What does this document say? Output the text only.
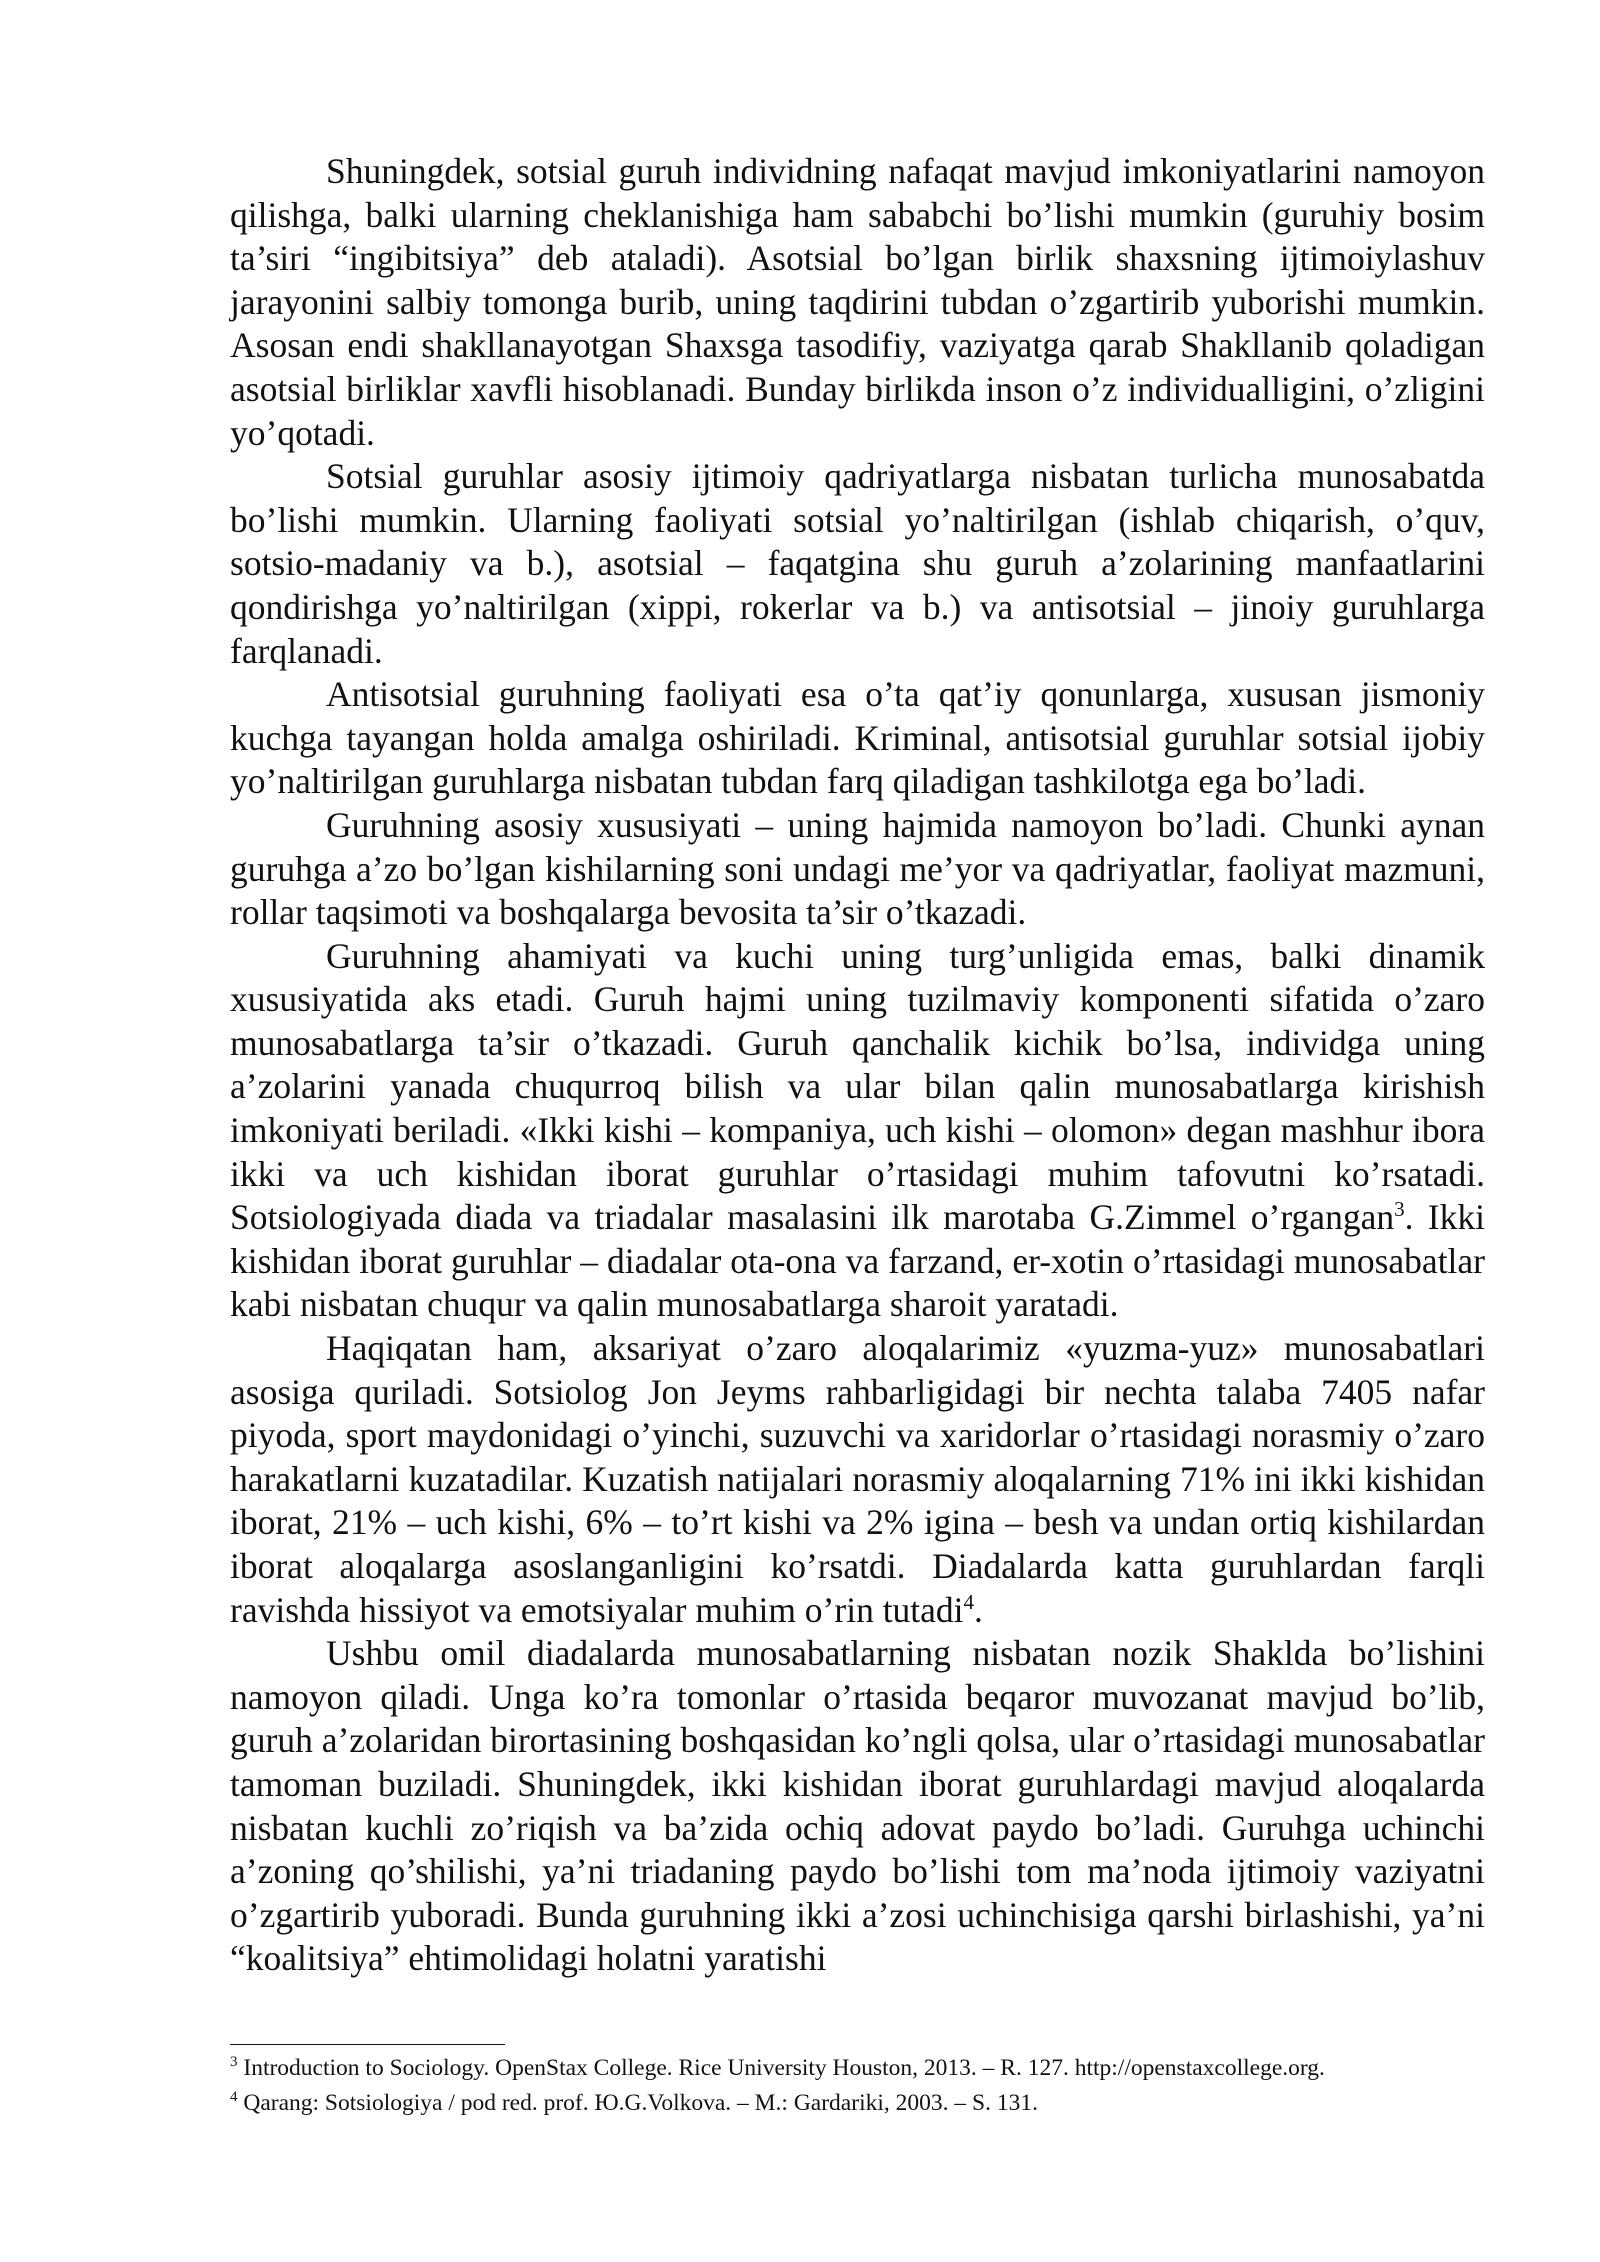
Shuningdek, sotsial guruh individning nafaqat mavjud imkoniyatlarini namoyon qilishga, balki ularning cheklanishiga ham sababchi bo’lishi mumkin (guruhiy bosim ta’siri “ingibitsiya” deb ataladi). Asotsial bo’lgan birlik shaxsning ijtimoiylashuv jarayonini salbiy tomonga burib, uning taqdirini tubdan o’zgartirib yuborishi mumkin. Asosan endi shakllanayotgan Shaxsga tasodifiy, vaziyatga qarab Shakllanib qoladigan asotsial birliklar xavfli hisoblanadi. Bunday birlikda inson o’z individualligini, o’zligini yo’qotadi.

Sotsial guruhlar asosiy ijtimoiy qadriyatlarga nisbatan turlicha munosabatda bo’lishi mumkin. Ularning faoliyati sotsial yo’naltirilgan (ishlab chiqarish, o’quv, sotsio-madaniy va b.), asotsial – faqatgina shu guruh a’zolarining manfaatlarini qondirishga yo’naltirilgan (xippi, rokerlar va b.) va antisotsial – jinoiy guruhlarga farqlanadi.

Antisotsial guruhning faoliyati esa o’ta qat’iy qonunlarga, xususan jismoniy kuchga tayangan holda amalga oshiriladi. Kriminal, antisotsial guruhlar sotsial ijobiy yo’naltirilgan guruhlarga nisbatan tubdan farq qiladigan tashkilotga ega bo’ladi.

Guruhning asosiy xususiyati – uning hajmida namoyon bo’ladi. Chunki aynan guruhga a’zo bo’lgan kishilarning soni undagi me’yor va qadriyatlar, faoliyat mazmuni, rollar taqsimoti va boshqalarga bevosita ta’sir o’tkazadi.

Guruhning ahamiyati va kuchi uning turg’unligida emas, balki dinamik xususiyatida aks etadi. Guruh hajmi uning tuzilmaviy komponenti sifatida o’zaro munosabatlarga ta’sir o’tkazadi. Guruh qanchalik kichik bo’lsa, individga uning a’zolarini yanada chuqurroq bilish va ular bilan qalin munosabatlarga kirishish imkoniyati beriladi. «Ikki kishi – kompaniya, uch kishi – olomon» degan mashhur ibora ikki va uch kishidan iborat guruhlar o’rtasidagi muhim tafovutni ko’rsatadi. Sotsiologiyada diada va triadalar masalasini ilk marotaba G.Zimmel o’rgangan$^3$. Ikki kishidan iborat guruhlar – diadalar ota-ona va farzand, er-xotin o’rtasidagi munosabatlar kabi nisbatan chuqur va qalin munosabatlarga sharoit yaratadi.

Haqiqatan ham, aksariyat o’zaro aloqalarimiz «yuzma-yuz» munosabatlari asosiga quriladi. Sotsiolog Jon Jeyms rahbarligidagi bir nechta talaba 7405 nafar piyoda, sport maydonidagi o’yinchi, suzuvchi va xaridorlar o’rtasidagi norasmiy o’zaro harakatlarni kuzatadilar. Kuzatish natijalari norasmiy aloqalarning 71% ini ikki kishidan iborat, 21% – uch kishi, 6% – to’rt kishi va 2% igina – besh va undan ortiq kishilardan iborat aloqalarga asoslanganligini ko’rsatdi. Diadalarda katta guruhlardan farqli ravishda hissiyot va emotsiyalar muhim o’rin tutadi$^4$.

Ushbu omil diadalarda munosabatlarning nisbatan nozik Shaklda bo’lishini namoyon qiladi. Unga ko’ra tomonlar o’rtasida beqaror muvozanat mavjud bo’lib, guruh a’zolaridan birortasining boshqasidan ko’ngli qolsa, ular o’rtasidagi munosabatlar tamoman buziladi. Shuningdek, ikki kishidan iborat guruhlardagi mavjud aloqalarda nisbatan kuchli zo’riqish va ba’zida ochiq adovat paydo bo’ladi. Guruhga uchinchi a’zoning qo’shilishi, ya’ni triadaning paydo bo’lishi tom ma’noda ijtimoiy vaziyatni o’zgartirib yuboradi. Bunda guruhning ikki a’zosi uchinchisiga qarshi birlashishi, ya’ni “koalitsiya” ehtimolidagi holatni yaratishi

$^3$ Introduction to Sociology. OpenStax College. Rice University Houston, 2013. – R. 127. http://openstaxcollege.org.

$^4$ Qarang: Sotsiologiya / pod red. prof. Ю.G.Volkova. – M.: Gardariki, 2003. – S. 131.
